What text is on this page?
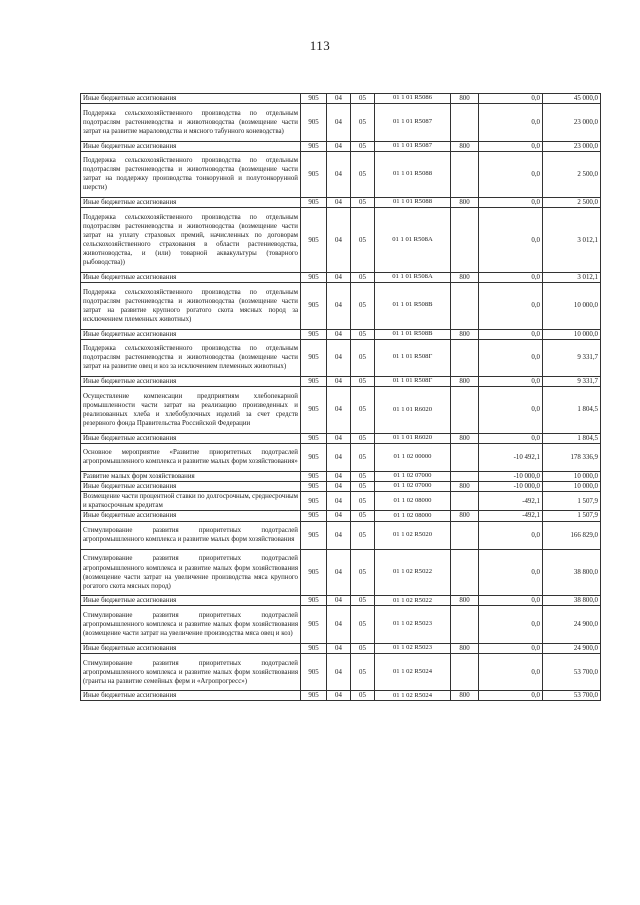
113
Иные бюджетные ассигнования	905	04	05	01 1 01 R5086	800	0,0	45 000,0
Поддержка сельскохозяйственного производства по отдельным подотраслям растениеводства и животноводства (возмещение части затрат на развитие мараловодства и мясного табунного коневодства)	905	04	05	01 1 01 R5087		0,0	23 000,0
Иные бюджетные ассигнования	905	04	05	01 1 01 R5087	800	0,0	23 000,0
Поддержка сельскохозяйственного производства по отдельным подотраслям растениеводства и животноводства (возмещение части затрат на поддержку производства тонкорунной и полутонкорунной шерсти)	905	04	05	01 1 01 R5088		0,0	2 500,0
Иные бюджетные ассигнования	905	04	05	01 1 01 R5088	800	0,0	2 500,0
Поддержка сельскохозяйственного производства по отдельным подотраслям растениеводства и животноводства (возмещение части затрат на уплату страховых премий, начисленных по договорам сельскохозяйственного страхования в области растениеводства, животноводства, и (или) товарной аквакультуры (товарного рыбоводства))	905	04	05	01 1 01 R508A		0,0	3 012,1
Иные бюджетные ассигнования	905	04	05	01 1 01 R508A	800	0,0	3 012,1
Поддержка сельскохозяйственного производства по отдельным подотраслям растениеводства и животноводства (возмещение части затрат на развитие крупного рогатого скота мясных пород за исключением племенных животных)	905	04	05	01 1 01 R508B		0,0	10 000,0
Иные бюджетные ассигнования	905	04	05	01 1 01 R508B	800	0,0	10 000,0
Поддержка сельскохозяйственного производства по отдельным подотраслям растениеводства и животноводства (возмещение части затрат на развитие овец и коз за исключением племенных животных)	905	04	05	01 1 01 R508Г		0,0	9 331,7
Иные бюджетные ассигнования	905	04	05	01 1 01 R508Г	800	0,0	9 331,7
Осуществление компенсации предприятиям хлебопекарной промышленности части затрат на реализацию произведенных и реализованных хлеба и хлебобулочных изделий за счет средств резервного фонда Правительства Российской Федерации	905	04	05	01 1 01 R6020		0,0	1 804,5
Иные бюджетные ассигнования	905	04	05	01 1 01 R6020	800	0,0	1 804,5
Основное мероприятие «Развитие приоритетных подотраслей агропромышленного комплекса и развитие малых форм хозяйствования»	905	04	05	01 1 02 00000		-10 492,1	178 336,9
Развитие малых форм хозяйствования	905	04	05	01 1 02 07000		-10 000,0	10 000,0
Иные бюджетные ассигнования	905	04	05	01 1 02 07000	800	-10 000,0	10 000,0
Возмещение части процентной ставки по долгосрочным, среднесрочным и краткосрочным кредитам	905	04	05	01 1 02 08000		-492,1	1 507,9
Иные бюджетные ассигнования	905	04	05	01 1 02 08000	800	-492,1	1 507,9
Стимулирование развития приоритетных подотраслей агропромышленного комплекса и развитие малых форм хозяйствования	905	04	05	01 1 02 R5020		0,0	166 829,0
Стимулирование развития приоритетных подотраслей агропромышленного комплекса и развитие малых форм хозяйствования (возмещение части затрат на увеличение производства мяса крупного рогатого скота мясных пород)	905	04	05	01 1 02 R5022		0,0	38 800,0
Иные бюджетные ассигнования	905	04	05	01 1 02 R5022	800	0,0	38 800,0
Стимулирование развития приоритетных подотраслей агропромышленного комплекса и развитие малых форм хозяйствования (возмещение части затрат на увеличение производства мяса овец и коз)	905	04	05	01 1 02 R5023		0,0	24 900,0
Иные бюджетные ассигнования	905	04	05	01 1 02 R5023	800	0,0	24 900,0
Стимулирование развития приоритетных подотраслей агропромышленного комплекса и развитие малых форм хозяйствования (гранты на развитие семейных ферм и «Агропрогресс»)	905	04	05	01 1 02 R5024		0,0	53 700,0
Иные бюджетные ассигнования	905	04	05	01 1 02 R5024	800	0,0	53 700,0
